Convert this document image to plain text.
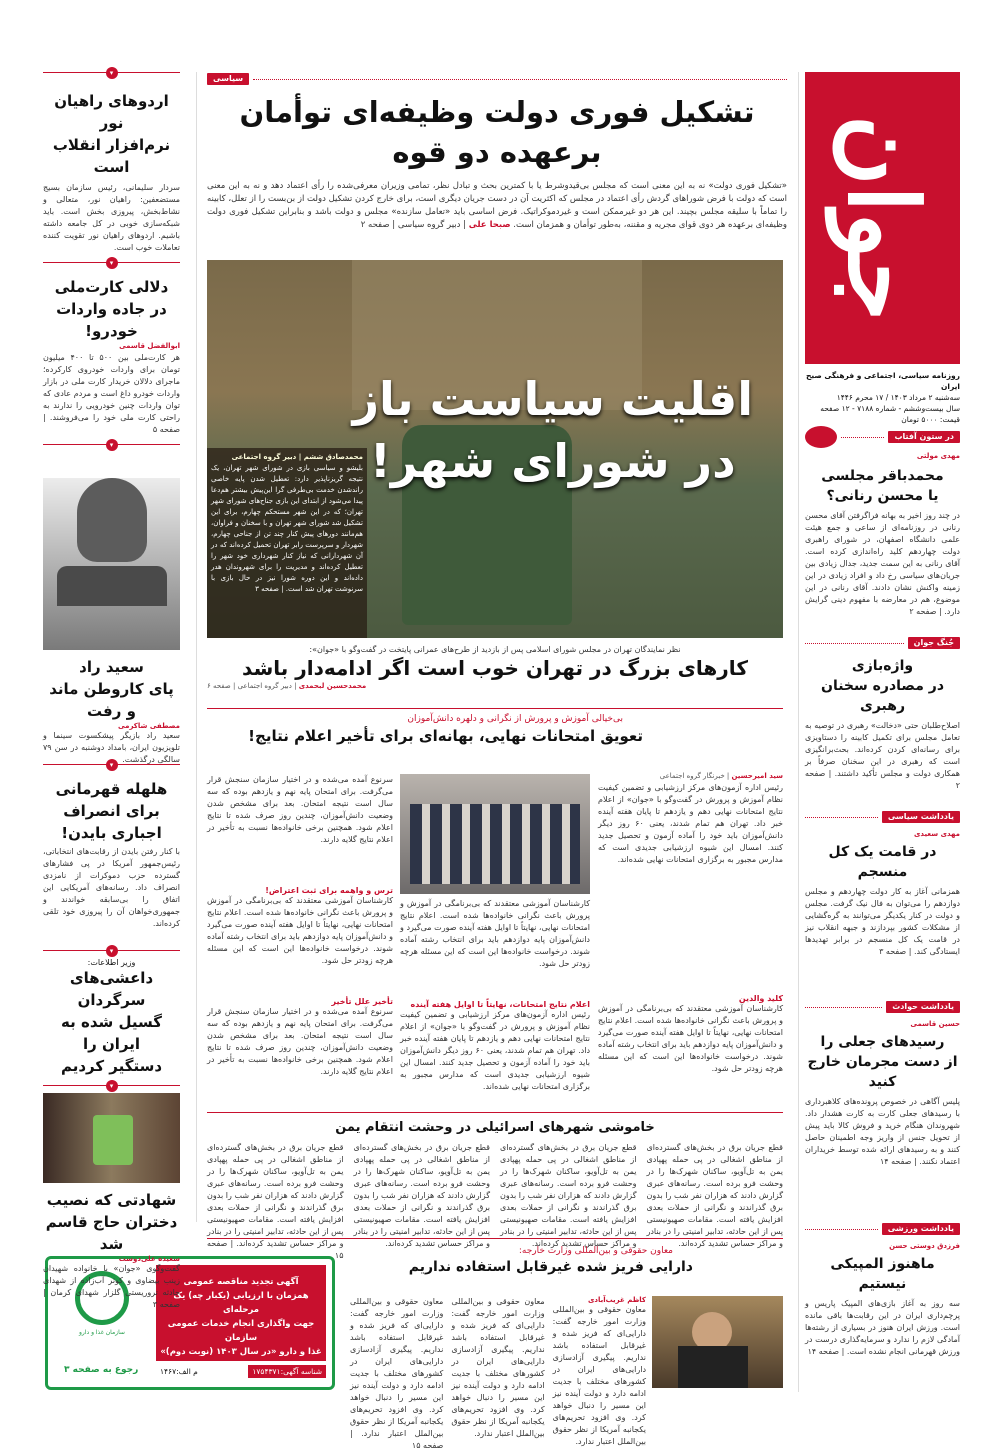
جوان
روزنامه سیاسی، اجتماعی و فرهنگی صبح ایران
سه‌شنبه ۲ مرداد ۱۴۰۳ / ۱۷ محرم ۱۴۴۶
سال بیست‌وششم - شماره ۷۱۸۸ - ۱۲ صفحه
قیمت: ۵۰۰۰ تومان
در ستون آفتاب
مهدی مولتی
محمدباقر مجلسی
یا محسن رنانی؟
در چند روز اخیر به بهانه فراگرفتن آقای محسن رنانی در روزنامه‌ای از ساعی و جمع هیئت علمی دانشگاه اصفهان، در شورای راهبری دولت چهاردهم کلید راه‌اندازی کرده است. آقای رنانی به این سمت جدید، جدال زیادی بین جریان‌های سیاسی رخ داد و افراد زیادی در این زمینه واکنش نشان دادند. آقای رنانی در این موضوع، هم در معارضه با مفهوم دینی گرایش دارد. | صفحه ۲
جُنگ جوان
واژه‌بازی
در مصادره سخنان رهبری
اصلاح‌طلبان حتی «دخالت» رهبری در توصیه به تعامل مجلس برای تکمیل کابینه را دستاویزی برای رسانه‌ای کردن کرده‌اند. بحث‌برانگیزی است که رهبری در این سخنان صرفاً بر همکاری دولت و مجلس تأکید داشتند. | صفحه ۲
یادداشت سیاسی
مهدی سعیدی
در قامت یک کل منسجم
همزمانی آغاز به کار دولت چهاردهم و مجلس دوازدهم را می‌توان به فال نیک گرفت. مجلس و دولت در کنار یکدیگر می‌توانند به گره‌گشایی از مشکلات کشور بپردازند و جبهه انقلاب نیز در قامت یک کل منسجم در برابر تهدیدها ایستادگی کند. | صفحه ۳
یادداشت حوادث
حسین قاسمی
رسیدهای جعلی را
از دست مجرمان خارج کنید
پلیس آگاهی در خصوص پرونده‌های کلاهبرداری با رسیدهای جعلی کارت به کارت هشدار داد. شهروندان هنگام خرید و فروش کالا باید پیش از تحویل جنس از واریز وجه اطمینان حاصل کنند و به رسیدهای ارائه شده توسط خریداران اعتماد نکنند. | صفحه ۱۴
یادداشت ورزشی
فرزدق دوستی حسن
ماهنوز المپیکی نیستیم
سه روز به آغاز بازی‌های المپیک پاریس و پرچم‌داری ایران در این رقابت‌ها باقی مانده است. ورزش ایران هنوز در بسیاری از رشته‌ها آمادگی لازم را ندارد و سرمایه‌گذاری درست در ورزش قهرمانی انجام نشده است. | صفحه ۱۴
سیاسی
تشکیل فوری دولت وظیفه‌ای توأمان
برعهده دو قوه
«تشکیل فوری دولت» نه به این معنی است که مجلس بی‌قیدوشرط یا با کمترین بحث و تبادل نظر، تمامی وزیران معرفی‌شده را رأی اعتماد دهد و نه به این معنی است که دولت با فرض شوراهای گردش رأی اعتماد در مجلس که اکثریت آن در دست جریان دیگری است، برای خارج کردن تشکیل دولت از بن‌بست را از تعلل، کابینه را تماماً با سلیقه مجلس بچیند. این هر دو غیرممکن است و غیردموکراتیک. فرض اساسی باید «تعامل سازنده» مجلس و دولت باشد و بنابراین تشکیل فوری دولت وظیفه‌ای برعهده هر دوی قوای مجریه و مقننه، به‌طور توأمان و همزمان است. صبحا علی | دبیر گروه سیاسی | صفحه ۲
اقلیت سیاست باز
در شورای شهر!
محمدصادق ششم | دبیر گروه اجتماعی
بلیشو و سیاسی بازی در شورای شهر تهران، یک نتیجه گریزناپذیر دارد: تعطیل شدن پایه خاصی راندشدن خدمت بی‌طرفی گرا این‌پیش بیشتر هم‌دعا پیدا می‌شود از ابتدای این بازی جناح‌های شورای شهر تهران؛ که در این شهر مستحکم چهارم، برای این تشکیل شد شورای شهر تهران و با سخنان و فراوان، هم‌مانند دورهای پیش کنار چند تن از جناحی چهارم، شهردار و سرپرست رابر تهران تحمیل کرده‌اند که در آن شهردارانی که نیاز کنار شهرداری خود شهر را تعطیل کرده‌اند و مدیریت را برای شهروندان هدر داده‌اند و این دوره شورا نیز در حال بازی با سرنوشت تهران شد است. | صفحه ۳
نظر نمایندگان تهران در مجلس شورای اسلامی پس از بازدید از طرح‌های عمرانی پایتخت در گفت‌وگو با «جوان»:
کارهای بزرگ در تهران خوب است اگر ادامه‌دار باشد
محمدحسین لبحمدی | دبیر گروه اجتماعی | صفحه ۶
بی‌خیالی آموزش و پرورش از نگرانی و دلهره دانش‌آموزان
تعویق امتحانات نهایی، بهانه‌ای برای تأخیر اعلام نتایج!
سید امیرحسین | خبرنگار گروه اجتماعی
رئیس اداره آزمون‌های مرکز ارزشیابی و تضمین کیفیت نظام آموزش و پرورش در گفت‌وگو با «جوان» از اعلام نتایج امتحانات نهایی دهم و یازدهم تا پایان هفته آینده خبر داد. تهران هم تمام شدند، یعنی ۶۰ روز دیگر دانش‌آموزان باید خود را آماده آزمون و تحصیل جدید کنند. امسال این شیوه ارزشیابی جدیدی است که مدارس مجبور به برگزاری امتحانات نهایی شده‌اند.
کلید والدین
کارشناسان آموزشی معتقدند که بی‌برنامگی در آموزش و پرورش باعث نگرانی خانواده‌ها شده است. اعلام نتایج امتحانات نهایی، نهایتاً تا اوایل هفته آینده صورت می‌گیرد و دانش‌آموزان پایه دوازدهم باید برای انتخاب رشته آماده شوند. درخواست خانواده‌ها این است که این مسئله هرچه زودتر حل شود.
کارشناسان آموزشی معتقدند که بی‌برنامگی در آموزش و پرورش باعث نگرانی خانواده‌ها شده است. اعلام نتایج امتحانات نهایی، نهایتاً تا اوایل هفته آینده صورت می‌گیرد و دانش‌آموزان پایه دوازدهم باید برای انتخاب رشته آماده شوند. درخواست خانواده‌ها این است که این مسئله هرچه زودتر حل شود.
اعلام نتایج امتحانات، نهایتاً تا اوایل هفته آینده
رئیس اداره آزمون‌های مرکز ارزشیابی و تضمین کیفیت نظام آموزش و پرورش در گفت‌وگو با «جوان» از اعلام نتایج امتحانات نهایی دهم و یازدهم تا پایان هفته آینده خبر داد. تهران هم تمام شدند، یعنی ۶۰ روز دیگر دانش‌آموزان باید خود را آماده آزمون و تحصیل جدید کنند. امسال این شیوه ارزشیابی جدیدی است که مدارس مجبور به برگزاری امتحانات نهایی شده‌اند.
سرنوع آمده می‌شده و در اختیار سازمان سنجش قرار می‌گرفت. برای امتحان پایه نهم و یازدهم بوده که سه سال است نتیجه امتحان. بعد برای مشخص شدن وضعیت دانش‌آموزان، چندین روز صرف شده تا نتایج اعلام شود. همچنین برخی خانواده‌ها نسبت به تأخیر در اعلام نتایج گلایه دارند.
ترس و واهمه برای ثبت اعتراض!
کارشناسان آموزشی معتقدند که بی‌برنامگی در آموزش و پرورش باعث نگرانی خانواده‌ها شده است. اعلام نتایج امتحانات نهایی، نهایتاً تا اوایل هفته آینده صورت می‌گیرد و دانش‌آموزان پایه دوازدهم باید برای انتخاب رشته آماده شوند. درخواست خانواده‌ها این است که این مسئله هرچه زودتر حل شود.
تأخیر علل تأخیر
سرنوع آمده می‌شده و در اختیار سازمان سنجش قرار می‌گرفت. برای امتحان پایه نهم و یازدهم بوده که سه سال است نتیجه امتحان. بعد برای مشخص شدن وضعیت دانش‌آموزان، چندین روز صرف شده تا نتایج اعلام شود. همچنین برخی خانواده‌ها نسبت به تأخیر در اعلام نتایج گلایه دارند.
خاموشی شهرهای اسرائیلی در وحشت انتقام یمن
قطع جریان برق در بخش‌های گسترده‌ای از مناطق اشغالی در پی حمله پهپادی یمن به تل‌آویو، ساکنان شهرک‌ها را در وحشت فرو برده است. رسانه‌های عبری گزارش دادند که هزاران نفر شب را بدون برق گذراندند و نگرانی از حملات بعدی افزایش یافته است. مقامات صهیونیستی پس از این حادثه، تدابیر امنیتی را در بنادر و مراکز حساس تشدید کرده‌اند.
قطع جریان برق در بخش‌های گسترده‌ای از مناطق اشغالی در پی حمله پهپادی یمن به تل‌آویو، ساکنان شهرک‌ها را در وحشت فرو برده است. رسانه‌های عبری گزارش دادند که هزاران نفر شب را بدون برق گذراندند و نگرانی از حملات بعدی افزایش یافته است. مقامات صهیونیستی پس از این حادثه، تدابیر امنیتی را در بنادر و مراکز حساس تشدید کرده‌اند.
قطع جریان برق در بخش‌های گسترده‌ای از مناطق اشغالی در پی حمله پهپادی یمن به تل‌آویو، ساکنان شهرک‌ها را در وحشت فرو برده است. رسانه‌های عبری گزارش دادند که هزاران نفر شب را بدون برق گذراندند و نگرانی از حملات بعدی افزایش یافته است. مقامات صهیونیستی پس از این حادثه، تدابیر امنیتی را در بنادر و مراکز حساس تشدید کرده‌اند.
قطع جریان برق در بخش‌های گسترده‌ای از مناطق اشغالی در پی حمله پهپادی یمن به تل‌آویو، ساکنان شهرک‌ها را در وحشت فرو برده است. رسانه‌های عبری گزارش دادند که هزاران نفر شب را بدون برق گذراندند و نگرانی از حملات بعدی افزایش یافته است. مقامات صهیونیستی پس از این حادثه، تدابیر امنیتی را در بنادر و مراکز حساس تشدید کرده‌اند. | صفحه ۱۵	معاون حقوقی و بین‌المللی وزارت خارجه:
دارایی فریز شده غیرقابل استفاده نداریم
کاظم غریب‌آبادی
معاون حقوقی و بین‌المللی وزارت امور خارجه گفت: دارایی‌ای که فریز شده و غیرقابل استفاده باشد نداریم. پیگیری آزادسازی دارایی‌های ایران در کشورهای مختلف با جدیت ادامه دارد و دولت آینده نیز این مسیر را دنبال خواهد کرد. وی افزود تحریم‌های یکجانبه آمریکا از نظر حقوق بین‌الملل اعتبار ندارد.
معاون حقوقی و بین‌المللی وزارت امور خارجه گفت: دارایی‌ای که فریز شده و غیرقابل استفاده باشد نداریم. پیگیری آزادسازی دارایی‌های ایران در کشورهای مختلف با جدیت ادامه دارد و دولت آینده نیز این مسیر را دنبال خواهد کرد. وی افزود تحریم‌های یکجانبه آمریکا از نظر حقوق بین‌الملل اعتبار ندارد.
معاون حقوقی و بین‌المللی وزارت امور خارجه گفت: دارایی‌ای که فریز شده و غیرقابل استفاده باشد نداریم. پیگیری آزادسازی دارایی‌های ایران در کشورهای مختلف با جدیت ادامه دارد و دولت آینده نیز این مسیر را دنبال خواهد کرد. وی افزود تحریم‌های یکجانبه آمریکا از نظر حقوق بین‌الملل اعتبار ندارد. | صفحه ۱۵
آگهی تجدید مناقصه عمومی
همزمان با ارزیابی (یکبار چه) یک مرحله‌ای
جهت واگذاری انجام خدمات عمومی سازمان
غذا و دارو «در سال ۱۴۰۳ (نوبت دوم)»
سازمان غذا و دارو
شناسه آگهی:۱۷۵۴۳۷۱
م الف:۱۴۶۷
رجوع به صفحه ۳
▾
اردوهای راهیان نور
نرم‌افزار انقلاب است
سردار سلیمانی، رئیس سازمان بسیج مستضعفین: راهیان نور، متعالی و نشاط‌بخش، پیروزی بخش است. باید شبکه‌سازی خوبی در کل جامعه داشته باشیم. اردوهای راهیان نور تقویت کننده تعاملات خوب است.
▾
دلالی کارت‌ملی
در جاده واردات خودرو!
ابوالفضل قاسمی
هر کارت‌ملی بین ۵۰۰ تا ۴۰۰ میلیون تومان برای واردات خودروی کارکرده؛ ماجرای دلالان خریدار کارت ملی در بازار واردات خودرو داغ است و مردم عادی که توان واردات چنین خودرویی را ندارند به راحتی کارت ملی خود را می‌فروشند. | صفحه ۵
▾
سعید راد
پای کاروطن ماند و رفت
مصطفی شاکرمی
سعید راد بازیگر پیشکسوت سینما و تلویزیون ایران، بامداد دوشنبه در سن ۷۹ سالگی درگذشت.
▾
هلهله قهرمانی
برای انصراف اجباری بایدن!
با کنار رفتن بایدن از رقابت‌های انتخاباتی، رئیس‌جمهور آمریکا در پی فشارهای گسترده حزب دموکرات از نامزدی انصراف داد. رسانه‌های آمریکایی این اتفاق را بی‌سابقه خواندند و جمهوری‌خواهان آن را پیروزی خود تلقی کرده‌اند.
▾
وزیر اطلاعات:
داعشی‌های سرگردان
گسیل شده به ایران را
دستگیر کردیم
▾
شهادتی که نصیب
دختران حاج قاسم شد
سعیده علی‌دوست
گفت‌وگوی «جوان» با خانواده شهیدان زینب بیضاوی و کوثر آب‌زاده از شهدای حادثه تروریستی گلزار شهدای کرمان | صفحه ۳
